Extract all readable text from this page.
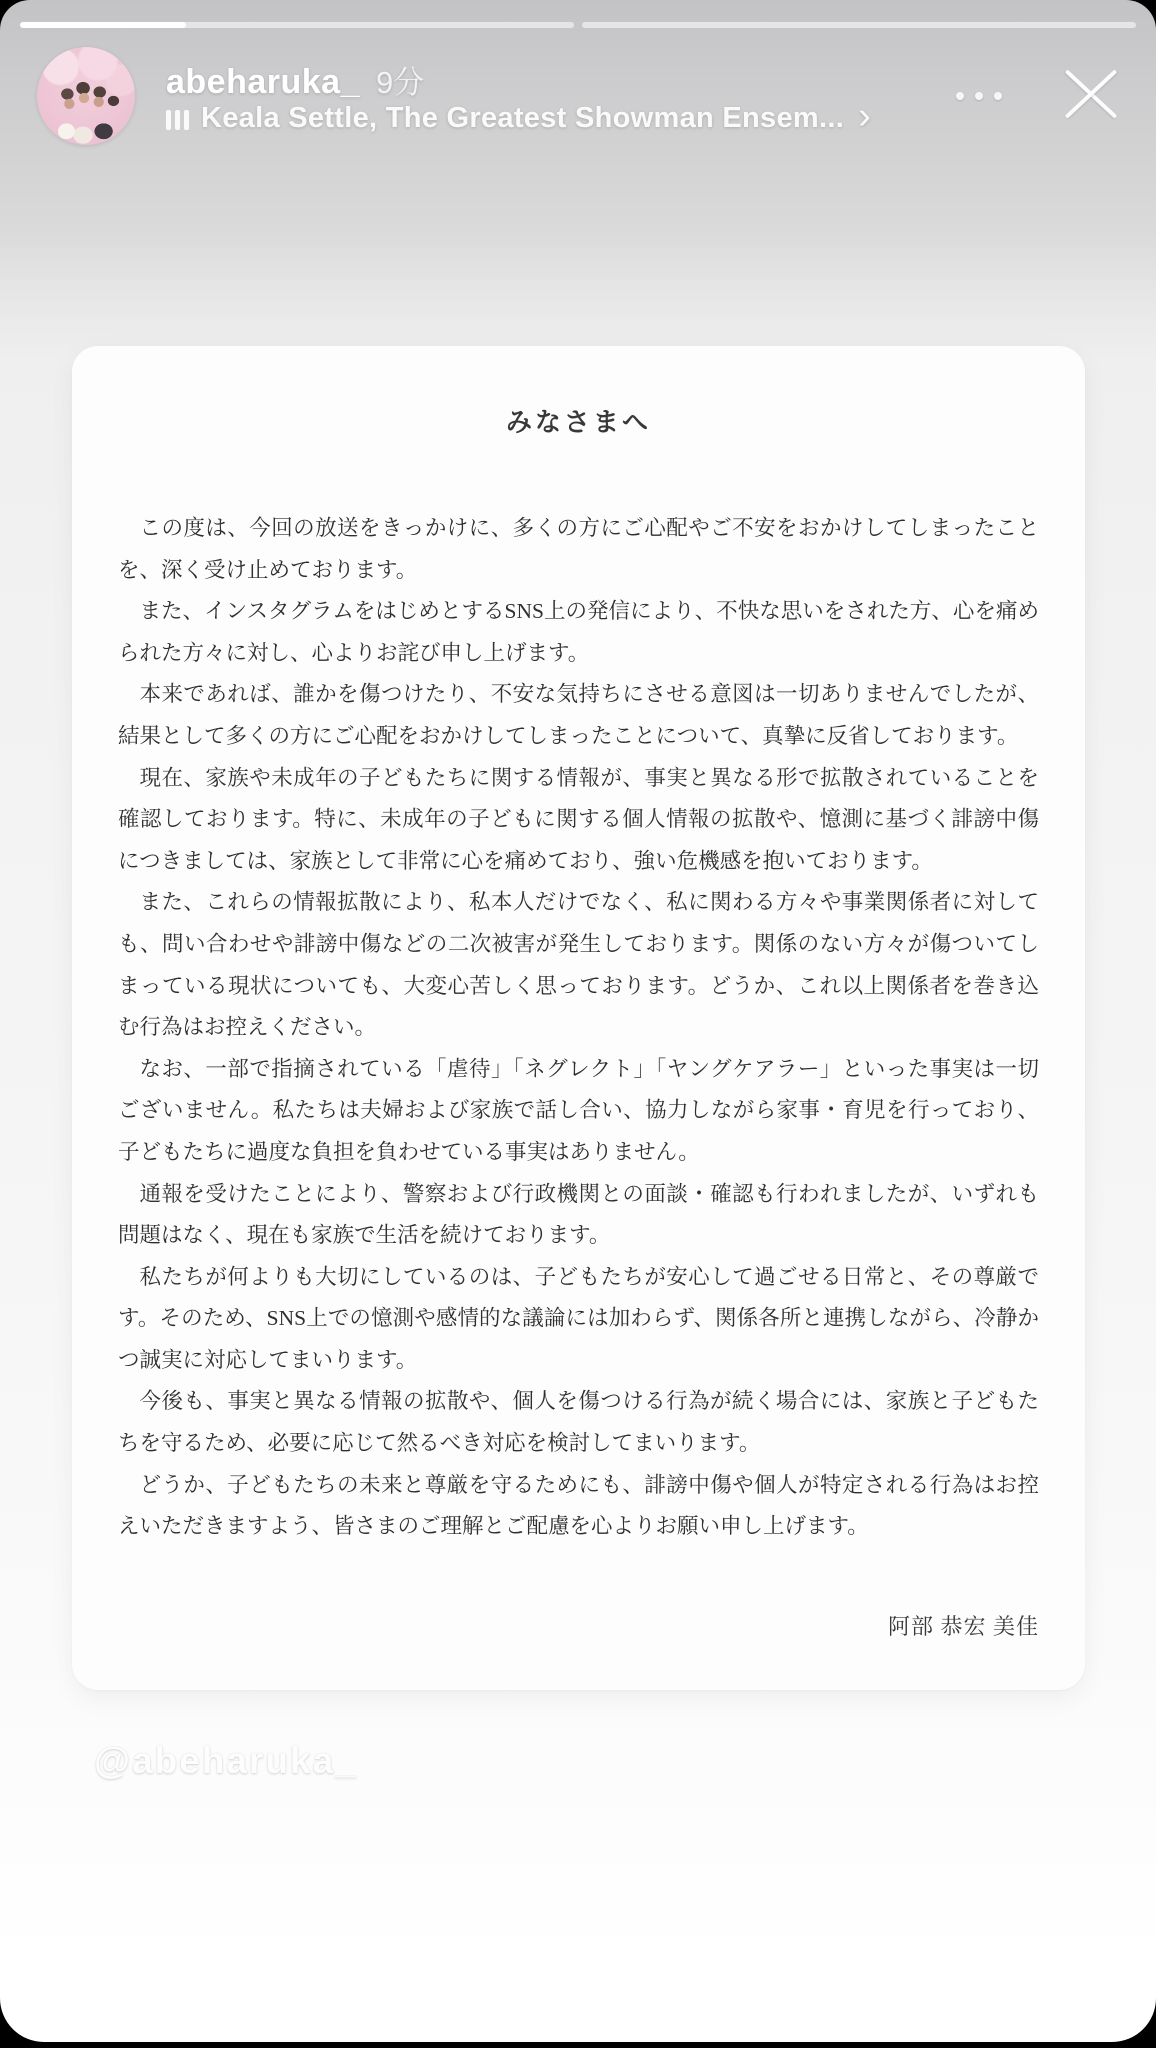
abeharuka_ 9分
Keala Settle, The Greatest Showman Ensem... ›
みなさまへ

この度は、今回の放送をきっかけに、多くの方にご心配やご不安をおかけしてしまったことを、深く受け止めております。

また、インスタグラムをはじめとするSNS上の発信により、不快な思いをされた方、心を痛められた方々に対し、心よりお詫び申し上げます。

本来であれば、誰かを傷つけたり、不安な気持ちにさせる意図は一切ありませんでしたが、結果として多くの方にご心配をおかけしてしまったことについて、真摯に反省しております。

現在、家族や未成年の子どもたちに関する情報が、事実と異なる形で拡散されていることを確認しております。特に、未成年の子どもに関する個人情報の拡散や、憶測に基づく誹謗中傷につきましては、家族として非常に心を痛めており、強い危機感を抱いております。

また、これらの情報拡散により、私本人だけでなく、私に関わる方々や事業関係者に対しても、問い合わせや誹謗中傷などの二次被害が発生しております。関係のない方々が傷ついてしまっている現状についても、大変心苦しく思っております。どうか、これ以上関係者を巻き込む行為はお控えください。

なお、一部で指摘されている「虐待」「ネグレクト」「ヤングケアラー」といった事実は一切ございません。私たちは夫婦および家族で話し合い、協力しながら家事・育児を行っており、子どもたちに過度な負担を負わせている事実はありません。

通報を受けたことにより、警察および行政機関との面談・確認も行われましたが、いずれも問題はなく、現在も家族で生活を続けております。

私たちが何よりも大切にしているのは、子どもたちが安心して過ごせる日常と、その尊厳です。そのため、SNS上での憶測や感情的な議論には加わらず、関係各所と連携しながら、冷静かつ誠実に対応してまいります。

今後も、事実と異なる情報の拡散や、個人を傷つける行為が続く場合には、家族と子どもたちを守るため、必要に応じて然るべき対応を検討してまいります。

どうか、子どもたちの未来と尊厳を守るためにも、誹謗中傷や個人が特定される行為はお控えいただきますよう、皆さまのご理解とご配慮を心よりお願い申し上げます。

阿部 恭宏 美佳
@abeharuka_
